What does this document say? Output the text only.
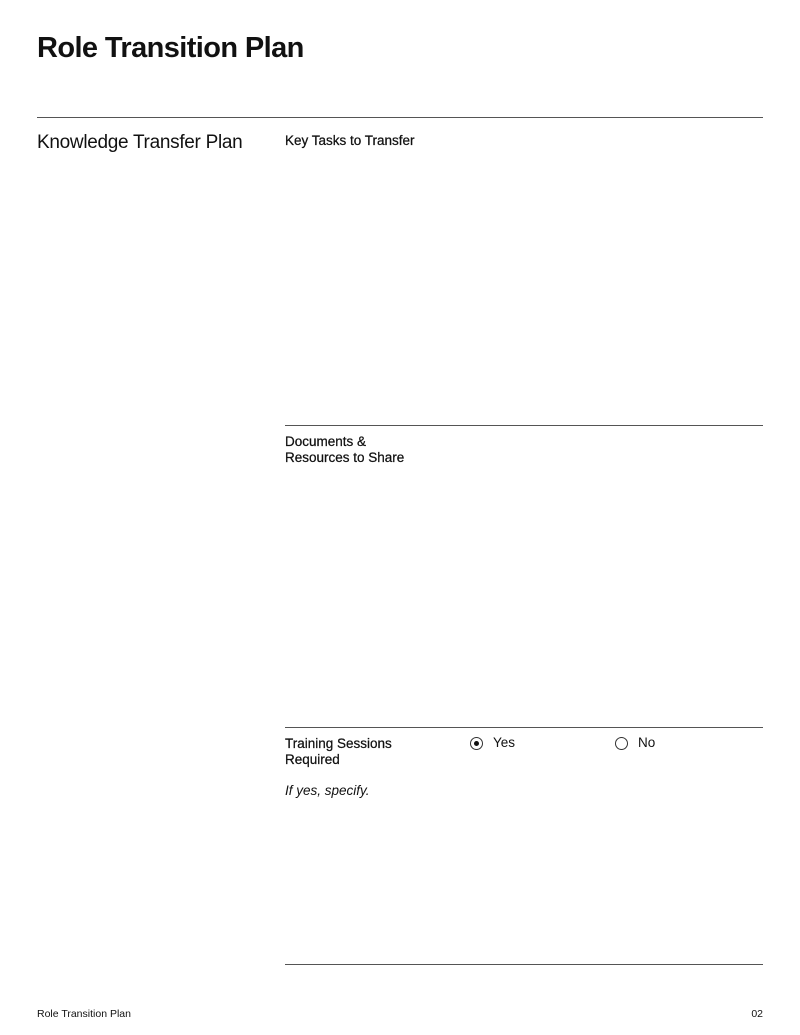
Role Transition Plan
Knowledge Transfer Plan	Key Tasks to Transfer
Documents & Resources to Share
Training Sessions Required
Yes	No
If yes, specify.
Role Transition Plan	02
